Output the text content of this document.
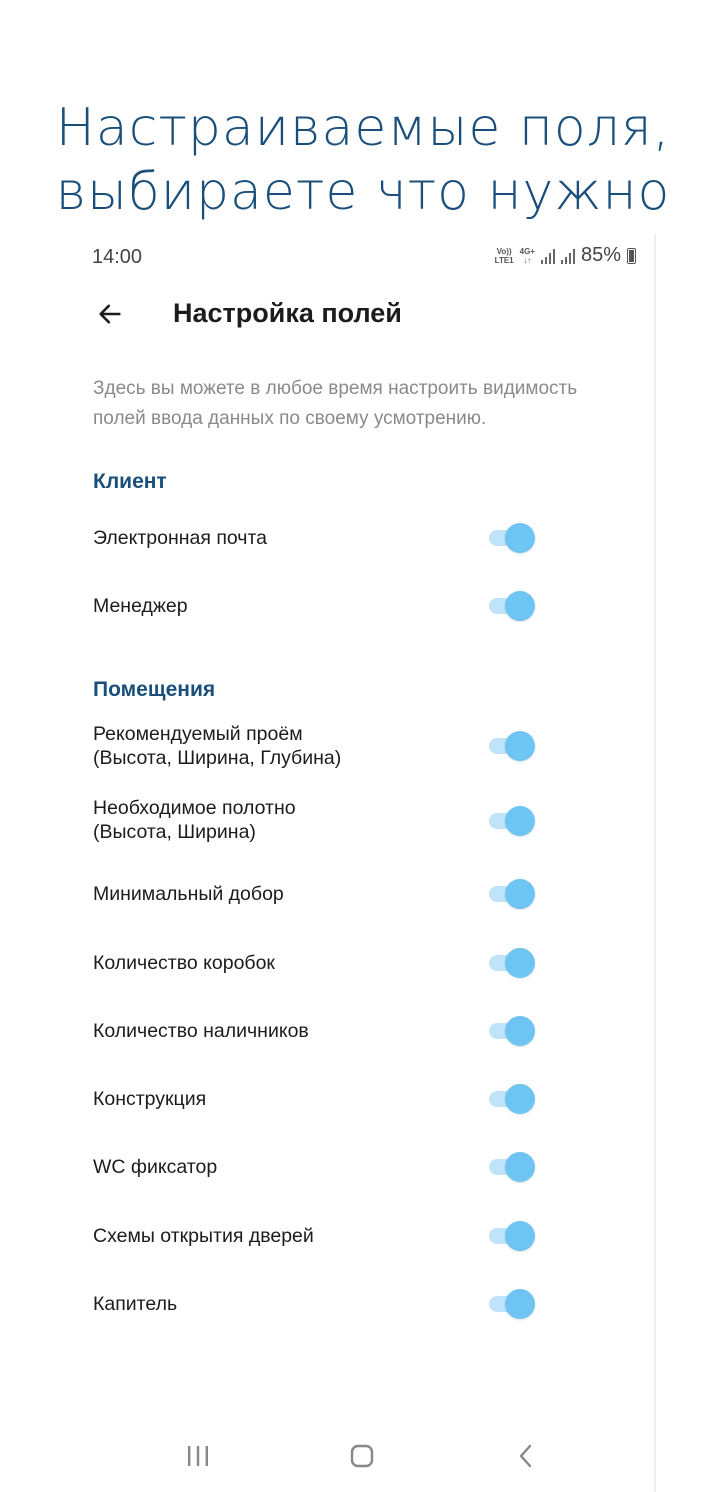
Настраиваемые поля,
выбираете что нужно
14:00	Vo))
LTE1
4G+
↓↑ 85%
Настройка полей
Здесь вы можете в любое время настроить видимость полей ввода данных по своему усмотрению.
Клиент
Электронная почта
Менеджер
Помещения
Рекомендуемый проём
(Высота, Ширина, Глубина)
Необходимое полотно
(Высота, Ширина)
Минимальный добор
Количество коробок
Количество наличников
Конструкция
WC фиксатор
Схемы открытия дверей
Капитель
